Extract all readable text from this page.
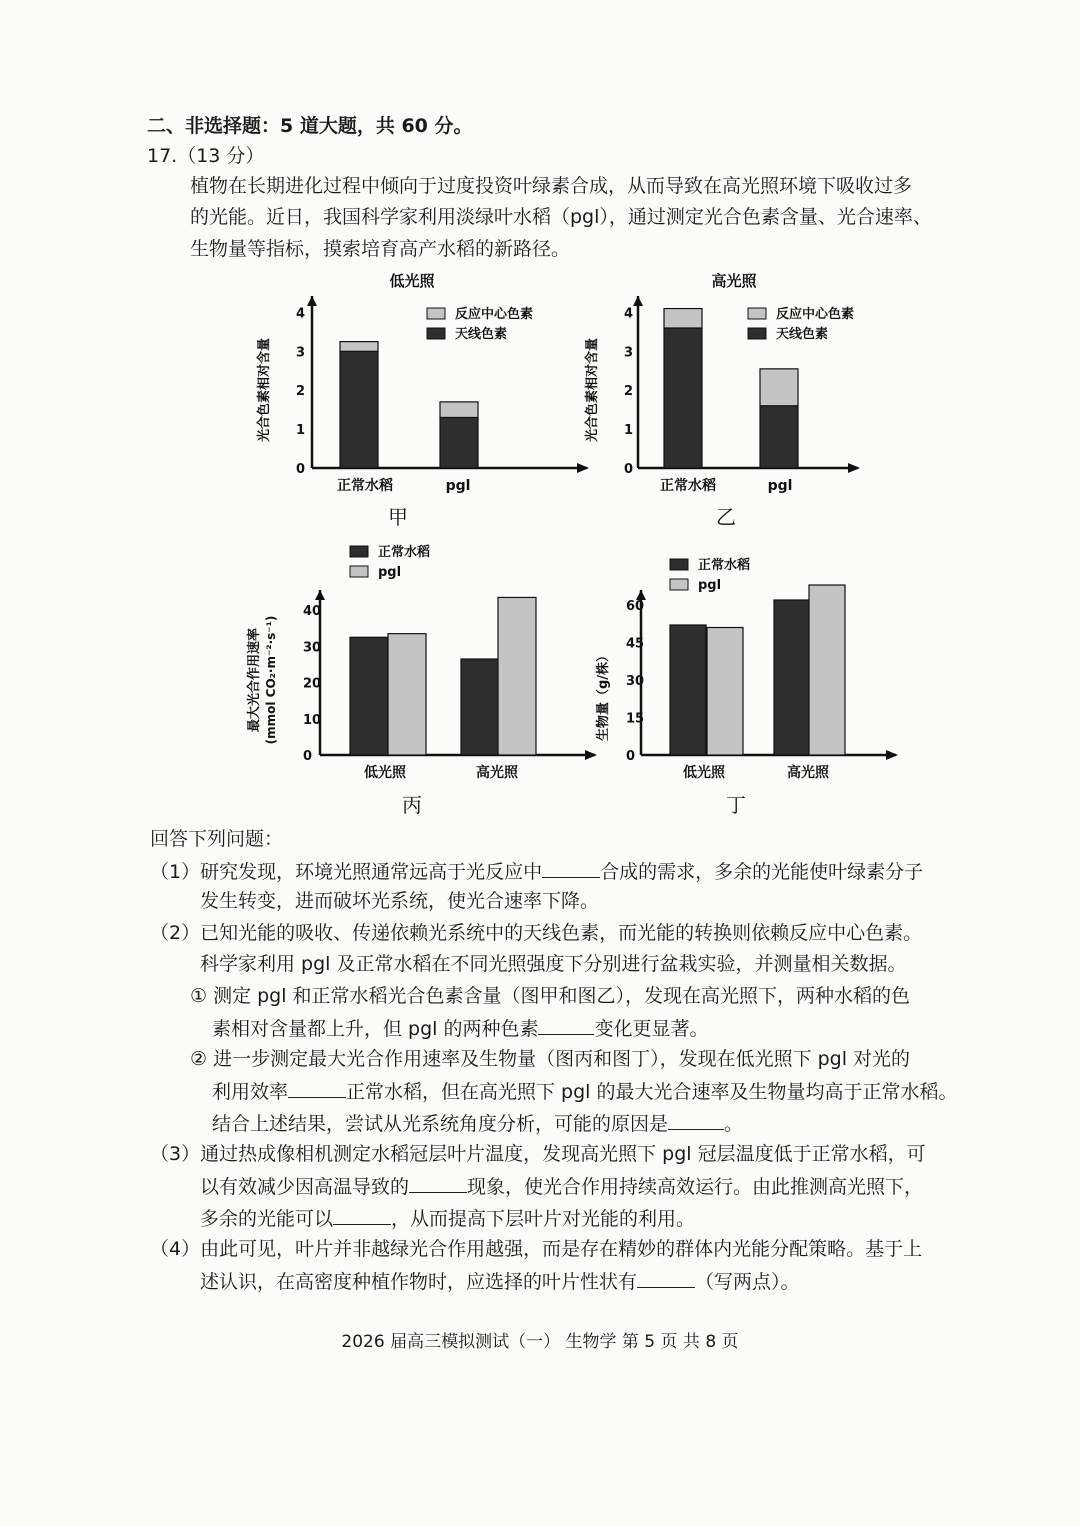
二、非选择题：5 道大题，共 60 分。
17.（13 分）
植物在长期进化过程中倾向于过度投资叶绿素合成，从而导致在高光照环境下吸收过多
的光能。近日，我国科学家利用淡绿叶水稻（pgl），通过测定光合色素含量、光合速率、
生物量等指标，摸索培育高产水稻的新路径。
0
1
2
3
4
正常水稻	pgl
低光照
光合色素相对含量
反应中心色素
天线色素
甲
0
1
2
3
4
正常水稻	pgl
高光照
光合色素相对含量
反应中心色素
天线色素
乙
0
10
20
30
40
低光照	高光照
最大光合作用速率 (mmol CO₂·m⁻²·s⁻¹)
正常水稻
pgl
丙
0
15
30
45
60
低光照	高光照
生物量（g/株）
正常水稻
pgl
丁
回答下列问题：
（1）研究发现，环境光照通常远高于光反应中	合成的需求，多余的光能使叶绿素分子
发生转变，进而破坏光系统，使光合速率下降。
（2）已知光能的吸收、传递依赖光系统中的天线色素，而光能的转换则依赖反应中心色素。
科学家利用 pgl 及正常水稻在不同光照强度下分别进行盆栽实验，并测量相关数据。
① 测定 pgl 和正常水稻光合色素含量（图甲和图乙），发现在高光照下，两种水稻的色
素相对含量都上升，但 pgl 的两种色素	变化更显著。
② 进一步测定最大光合作用速率及生物量（图丙和图丁），发现在低光照下 pgl 对光的
利用效率	正常水稻，但在高光照下 pgl 的最大光合速率及生物量均高于正常水稻。
结合上述结果，尝试从光系统角度分析，可能的原因是	。
（3）通过热成像相机测定水稻冠层叶片温度，发现高光照下 pgl 冠层温度低于正常水稻，可
以有效减少因高温导致的	现象，使光合作用持续高效运行。由此推测高光照下，
多余的光能可以	，从而提高下层叶片对光能的利用。
（4）由此可见，叶片并非越绿光合作用越强，而是存在精妙的群体内光能分配策略。基于上
述认识，在高密度种植作物时，应选择的叶片性状有	（写两点）。
2026 届高三模拟测试（一） 生物学 第 5 页 共 8 页
